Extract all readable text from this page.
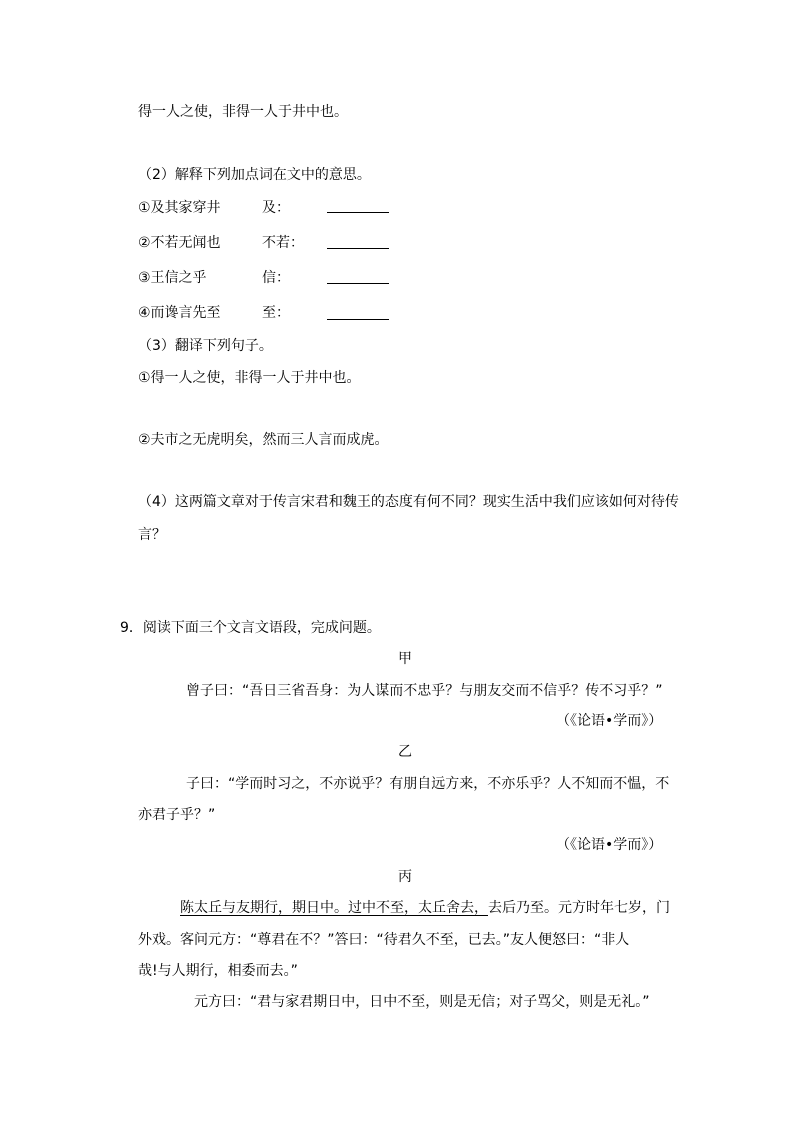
得一人之使，非得一人于井中也。
（2）解释下列加点词在文中的意思。
①及其家穿井	及：
②不若无闻也	不若：
③王信之乎	信：
④而谗言先至	至：
（3）翻译下列句子。
①得一人之使，非得一人于井中也。
②夫市之无虎明矣，然而三人言而成虎。
（4）这两篇文章对于传言宋君和魏王的态度有何不同？现实生活中我们应该如何对待传
言？
9．阅读下面三个文言文语段，完成问题。
甲
曾子曰：“吾日三省吾身：为人谋而不忠乎？与朋友交而不信乎？传不习乎？”
（《论语•学而》）
乙
子曰：“学而时习之，不亦说乎？有朋自远方来，不亦乐乎？人不知而不愠，不
亦君子乎？”
（《论语•学而》）
丙
陈太丘与友期行，期日中。过中不至，太丘舍去，去后乃至。元方时年七岁，门
外戏。客问元方：“尊君在不？”答曰：“待君久不至，已去。”友人便怒曰：“非人
哉!与人期行，相委而去。”
元方曰：“君与家君期日中，日中不至，则是无信；对子骂父，则是无礼。”
